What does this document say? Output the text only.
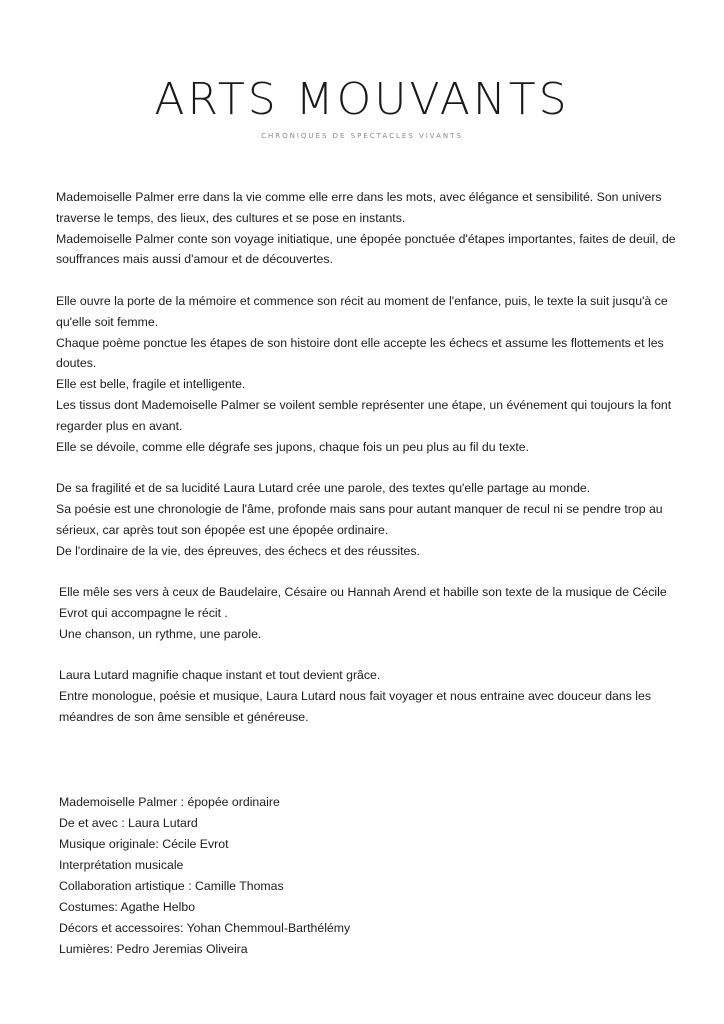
ARTS MOUVANTS
CHRONIQUES DE SPECTACLES VIVANTS

Mademoiselle Palmer erre dans la vie comme elle erre dans les mots, avec élégance et sensibilité. Son univers traverse le temps, des lieux, des cultures et se pose en instants.
Mademoiselle Palmer conte son voyage initiatique, une épopée ponctuée d'étapes importantes, faites de deuil, de souffrances mais aussi d'amour et de découvertes.

Elle ouvre la porte de la mémoire et commence son récit au moment de l'enfance, puis, le texte la suit jusqu'à ce qu'elle soit femme.
Chaque poème ponctue les étapes de son histoire dont elle accepte les échecs et assume les flottements et les doutes.
Elle est belle, fragile et intelligente.
Les tissus dont Mademoiselle Palmer se voilent semble représenter une étape, un événement qui toujours la font regarder plus en avant.
Elle se dévoile, comme elle dégrafe ses jupons, chaque fois un peu plus au fil du texte.

De sa fragilité et de sa lucidité Laura Lutard crée une parole, des textes qu'elle partage au monde.
Sa poésie est une chronologie de l'âme, profonde mais sans pour autant manquer de recul ni se pendre trop au sérieux, car après tout son épopée est une épopée ordinaire.
De l'ordinaire de la vie, des épreuves, des échecs et des réussites.

Elle mêle ses vers à ceux de Baudelaire, Césaire ou Hannah Arend et habille son texte de la musique de Cécile Evrot qui accompagne le récit .
Une chanson, un rythme, une parole.

Laura Lutard magnifie chaque instant et tout devient grâce.
Entre monologue, poésie et musique, Laura Lutard nous fait voyager et nous entraine avec douceur dans les méandres de son âme sensible et généreuse.

Mademoiselle Palmer : épopée ordinaire
De et avec : Laura Lutard
Musique originale: Cécile Evrot
Interprétation musicale
Collaboration artistique : Camille Thomas
Costumes: Agathe Helbo
Décors et accessoires: Yohan Chemmoul-Barthélémy
Lumières: Pedro Jeremias Oliveira
